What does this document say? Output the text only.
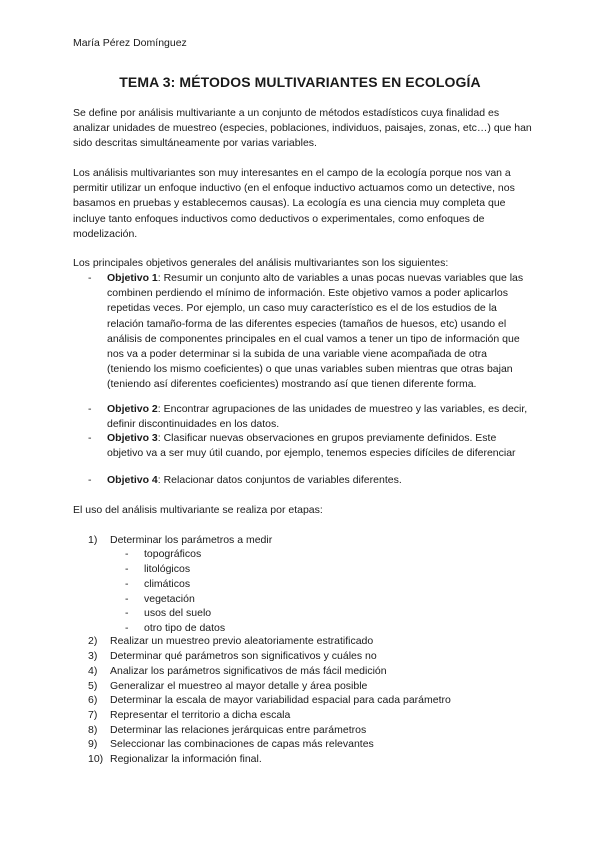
María Pérez Domínguez
TEMA 3: MÉTODOS MULTIVARIANTES EN ECOLOGÍA

Se define por análisis multivariante a un conjunto de métodos estadísticos cuya finalidad es analizar unidades de muestreo (especies, poblaciones, individuos, paisajes, zonas, etc…) que han sido descritas simultáneamente por varias variables.

Los análisis multivariantes son muy interesantes en el campo de la ecología porque nos van a permitir utilizar un enfoque inductivo (en el enfoque inductivo actuamos como un detective, nos basamos en pruebas y establecemos causas). La ecología es una ciencia muy completa que incluye tanto enfoques inductivos como deductivos o experimentales, como enfoques de modelización.

Los principales objetivos generales del análisis multivariantes son los siguientes:

- Objetivo 1: Resumir un conjunto alto de variables a unas pocas nuevas variables que las combinen perdiendo el mínimo de información. Este objetivo vamos a poder aplicarlos repetidas veces. Por ejemplo, un caso muy característico es el de los estudios de la relación tamaño-forma de las diferentes especies (tamaños de huesos, etc) usando el análisis de componentes principales en el cual vamos a tener un tipo de información que nos va a poder determinar si la subida de una variable viene acompañada de otra (teniendo los mismo coeficientes) o que unas variables suben mientras que otras bajan (teniendo así diferentes coeficientes) mostrando así que tienen diferente forma.
- Objetivo 2: Encontrar agrupaciones de las unidades de muestreo y las variables, es decir, definir discontinuidades en los datos.
- Objetivo 3: Clasificar nuevas observaciones en grupos previamente definidos. Este objetivo va a ser muy útil cuando, por ejemplo, tenemos especies difíciles de diferenciar
- Objetivo 4: Relacionar datos conjuntos de variables diferentes.

El uso del análisis multivariante se realiza por etapas:

1) Determinar los parámetros a medir
- topográficos
- litológicos
- climáticos
- vegetación
- usos del suelo
- otro tipo de datos
2) Realizar un muestreo previo aleatoriamente estratificado
3) Determinar qué parámetros son significativos y cuáles no
4) Analizar los parámetros significativos de más fácil medición
5) Generalizar el muestreo al mayor detalle y área posible
6) Determinar la escala de mayor variabilidad espacial para cada parámetro
7) Representar el territorio a dicha escala
8) Determinar las relaciones jerárquicas entre parámetros
9) Seleccionar las combinaciones de capas más relevantes
10) Regionalizar la información final.
